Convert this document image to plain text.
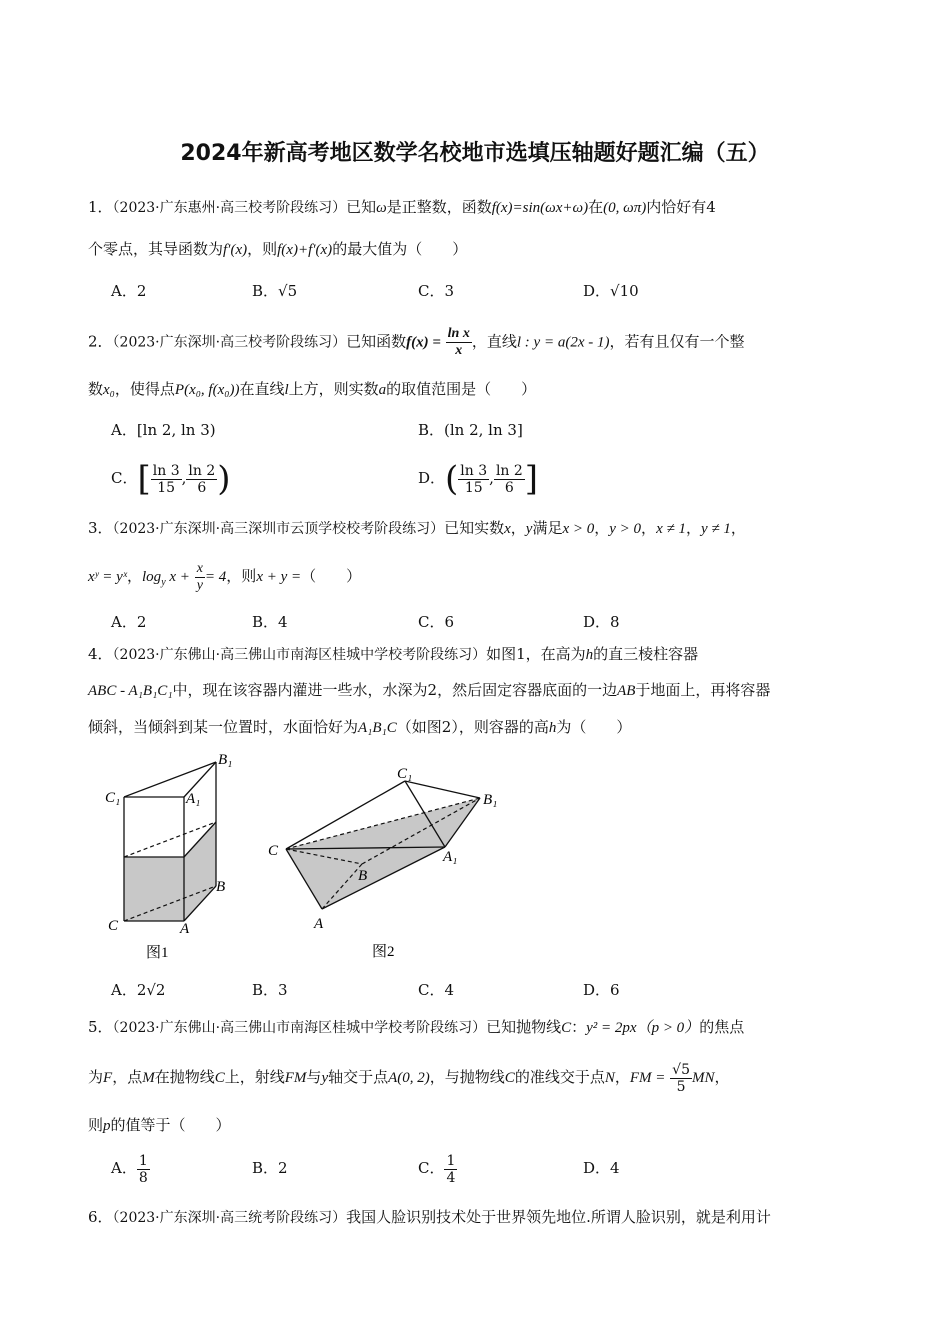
2024年新高考地区数学名校地市选填压轴题好题汇编（五）
1．（2023·广东惠州·高三校考阶段练习）已知ω是正整数，函数f(x)=sin(ωx+ω)在(0, ωπ)内恰好有4
个零点，其导函数为f′(x)，则f(x)+f′(x)的最大值为（　　）
A．2	B．√5	C．3	D．√10
2．（2023·广东深圳·高三校考阶段练习）已知函数$f(x) = \frac{\text{ln x}}{x}$ ，直线l : y = a(2x - 1)，若有且仅有一个整
数x₀，使得点P(x₀, f(x₀))在直线l上方，则实数a的取值范围是（　　）
A．[ln 2, ln 3)	B．(ln 2, ln 3]
C．[ $\frac{\ln 3}{15}$ , $\frac{\ln 2}{6}$ )	D．( $\frac{\ln 3}{15}$ , $\frac{\ln 2}{6}$ ]
3．（2023·广东深圳·高三深圳市云顶学校校考阶段练习）已知实数x，y满足x > 0，y > 0，x ≠ 1，y ≠ 1，
xʸ = yˣ，$\log_y x + \frac{x}{y} = 4$，则x + y =（　　）
A．2	B．4	C．6	D．8
4．（2023·广东佛山·高三佛山市南海区桂城中学校考阶段练习）如图1，在高为h的直三棱柱容器
ABC - A₁B₁C₁中，现在该容器内灌进一些水，水深为2，然后固定容器底面的一边AB于地面上，再将容器
倾斜，当倾斜到某一位置时，水面恰好为A₁B₁C（如图2），则容器的高h为（　　）
B₁
C₁	A₁
B
C	A
图1
C₁
B₁
C	A₁
B
A
图2
A．2√2	B．3	C．4	D．6
5．（2023·广东佛山·高三佛山市南海区桂城中学校考阶段练习）已知抛物线C：y² = 2px（p > 0）的焦点
为F，点M在抛物线C上，射线FM与y轴交于点A(0, 2)，与抛物线C的准线交于点N，FM = $\frac{√5}{5}$ MN，
则p的值等于（　　）
A． $\frac{1}{8}$	B．2	C． $\frac{1}{4}$	D．4
6．（2023·广东深圳·高三统考阶段练习）我国人脸识别技术处于世界领先地位.所谓人脸识别，就是利用计
